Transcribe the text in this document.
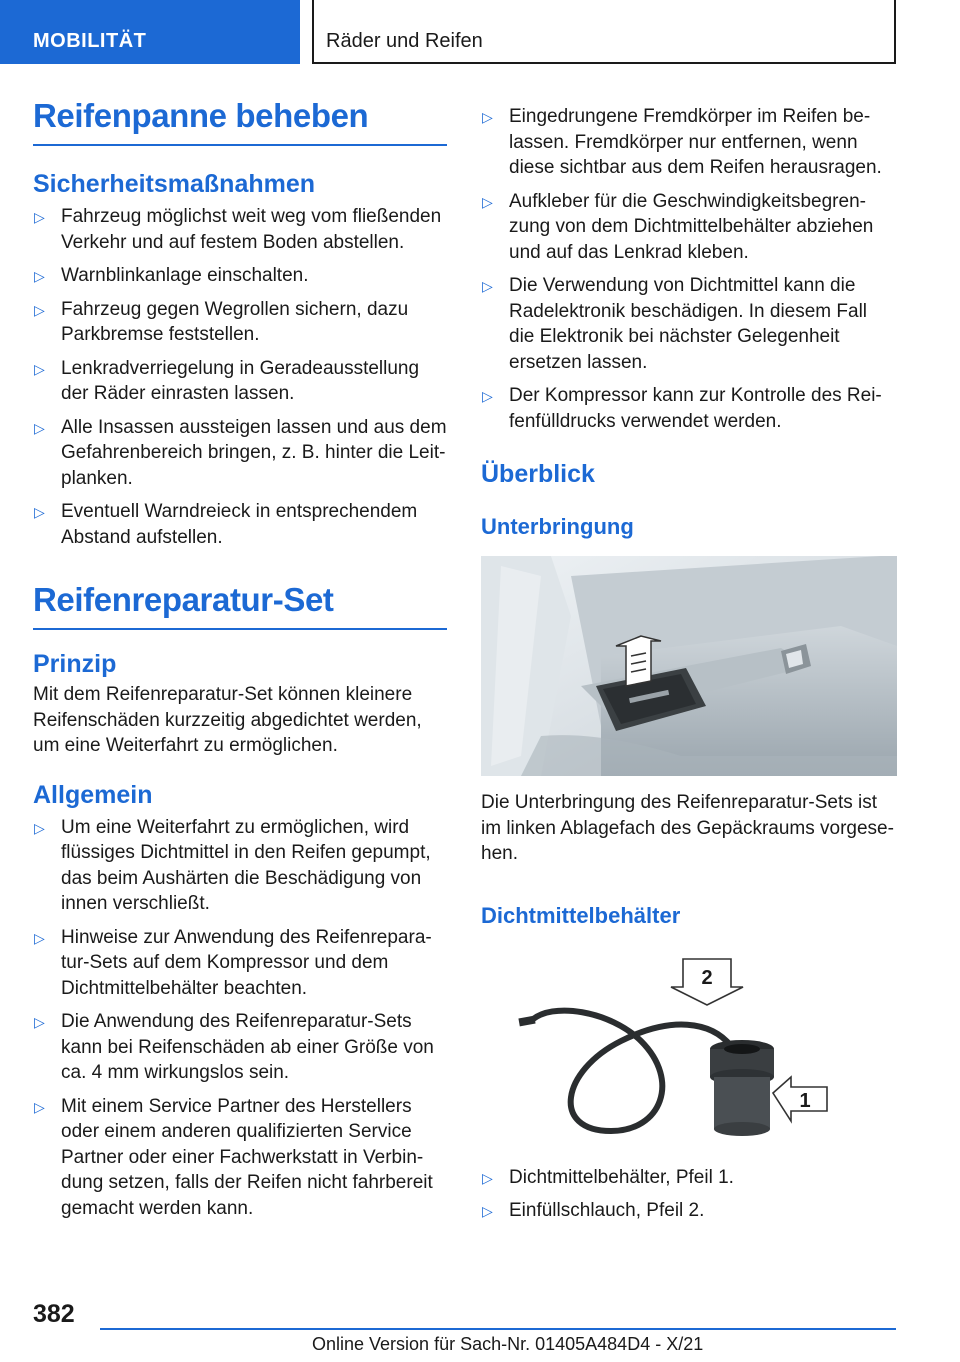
MOBILITÄT	Räder und Reifen
Reifenpanne beheben
Sicherheitsmaßnahmen
▷ Fahrzeug möglichst weit weg vom fließenden Verkehr und auf festem Boden abstellen.
▷ Warnblinkanlage einschalten.
▷ Fahrzeug gegen Wegrollen sichern, dazu Parkbremse feststellen.
▷ Lenkradverriegelung in Geradeausstellung der Räder einrasten lassen.
▷ Alle Insassen aussteigen lassen und aus dem Gefahrenbereich bringen, z. B. hinter die Leit-planken.
▷ Eventuell Warndreieck in entsprechendem Abstand aufstellen.
Reifenreparatur-Set
Prinzip

Mit dem Reifenreparatur-Set können kleinere Reifenschäden kurzzeitig abgedichtet werden, um eine Weiterfahrt zu ermöglichen.

Allgemein
▷ Um eine Weiterfahrt zu ermöglichen, wird flüssiges Dichtmittel in den Reifen gepumpt, das beim Aushärten die Beschädigung von innen verschließt.
▷ Hinweise zur Anwendung des Reifenrepara-tur-Sets auf dem Kompressor und dem Dichtmittelbehälter beachten.
▷ Die Anwendung des Reifenreparatur-Sets kann bei Reifenschäden ab einer Größe von ca. 4 mm wirkungslos sein.
▷ Mit einem Service Partner des Herstellers oder einem anderen qualifizierten Service Partner oder einer Fachwerkstatt in Verbin-dung setzen, falls der Reifen nicht fahrbereit gemacht werden kann.
▷ Eingedrungene Fremdkörper im Reifen be-lassen. Fremdkörper nur entfernen, wenn diese sichtbar aus dem Reifen herausragen.
▷ Aufkleber für die Geschwindigkeitsbegren-zung von dem Dichtmittelbehälter abziehen und auf das Lenkrad kleben.
▷ Die Verwendung von Dichtmittel kann die Radelektronik beschädigen. In diesem Fall die Elektronik bei nächster Gelegenheit ersetzen lassen.
▷ Der Kompressor kann zur Kontrolle des Rei-fenfülldrucks verwendet werden.
Überblick
Unterbringung

Die Unterbringung des Reifenreparatur-Sets ist im linken Ablagefach des Gepäckraums vorgese-hen.

Dichtmittelbehälter
2
1
▷ Dichtmittelbehälter, Pfeil 1.
▷ Einfüllschlauch, Pfeil 2.
382
Online Version für Sach-Nr. 01405A484D4 - X/21
